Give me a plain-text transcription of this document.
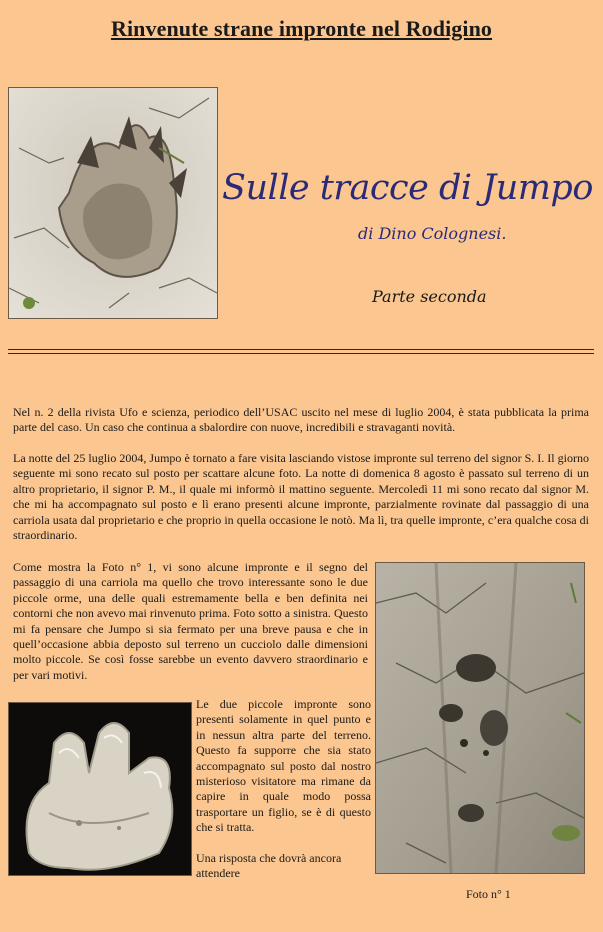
Rinvenute strane impronte nel Rodigino
Sulle tracce di Jumpo
di Dino Colognesi.
Parte seconda

Nel n. 2 della rivista Ufo e scienza, periodico dell’USAC uscito nel mese di luglio 2004, è stata pubblicata la prima parte del caso. Un caso che continua a sbalordire con nuove, incredibili e stravaganti novità.

La notte del 25 luglio 2004, Jumpo è tornato a fare visita lasciando vistose impronte sul terreno del signor S. I. Il giorno seguente mi sono recato sul posto per scattare alcune foto. La notte di domenica 8 agosto è passato sul terreno di un altro proprietario, il signor P. M., il quale mi informò il mattino seguente. Mercoledì 11 mi sono recato dal signor M. che mi ha accompagnato sul posto e lì erano presenti alcune impronte, parzialmente rovinate dal passaggio di una carriola usata dal proprietario e che proprio in quella occasione le notò. Ma lì, tra quelle impronte, c’era qualche cosa di straordinario.

Come mostra la Foto n° 1, vi sono alcune impronte e il segno del passaggio di una carriola ma quello che trovo interessante sono le due piccole orme, una delle quali estremamente bella e ben definita nei contorni che non avevo mai rinvenuto prima. Foto sotto a sinistra. Questo mi fa pensare che Jumpo si sia fermato per una breve pausa e che in quell’occasione abbia deposto sul terreno un cucciolo dalle dimensioni molto piccole. Se così fosse sarebbe un evento davvero straordinario e per vari motivi.

Le due piccole impronte sono presenti solamente in quel punto e in nessun altra parte del terreno. Questo fa supporre che sia stato accompagnato sul posto dal nostro misterioso visitatore ma rimane da capire in quale modo possa trasportare un figlio, se è di questo che si tratta.

Una risposta che dovrà ancora attendere

Foto n° 1
